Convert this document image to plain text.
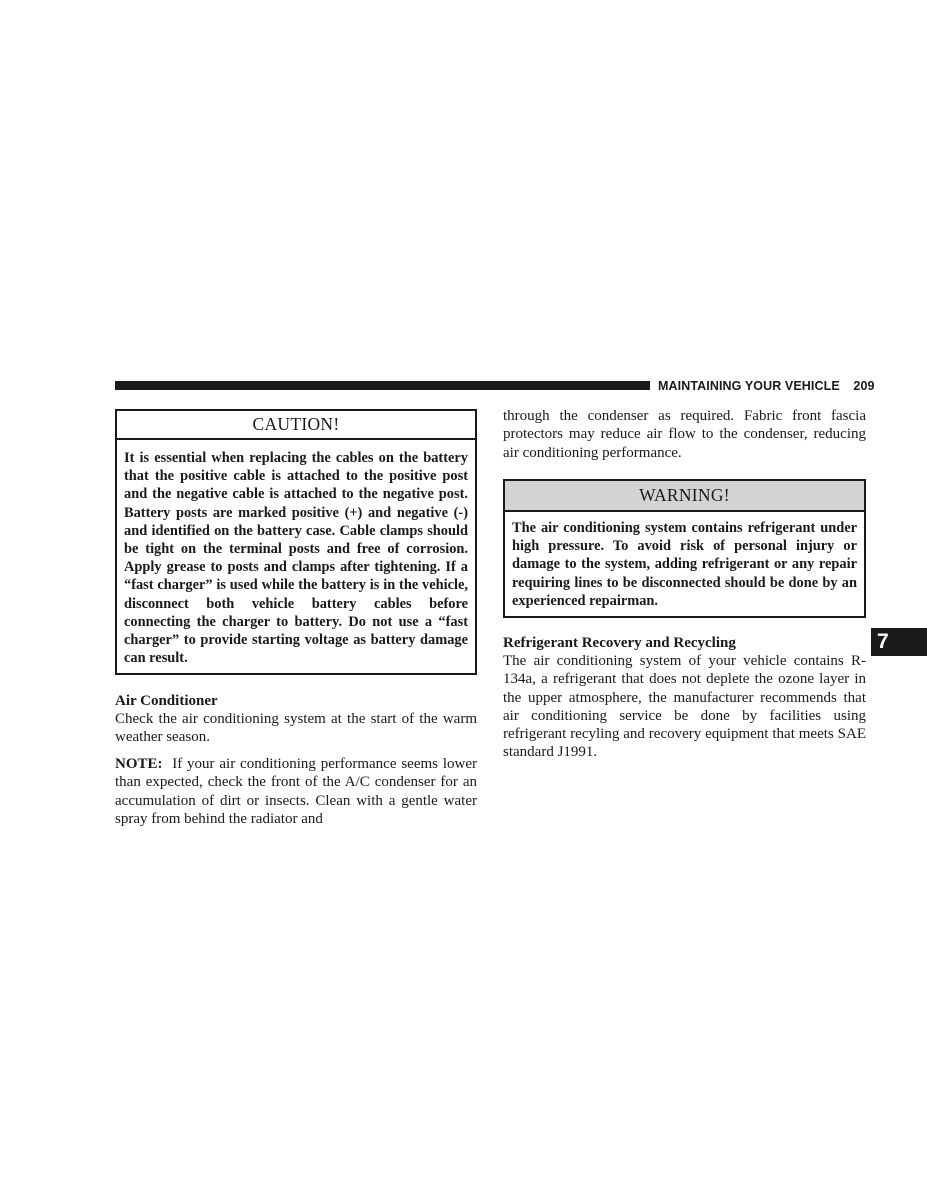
MAINTAINING YOUR VEHICLE 209
CAUTION!
It is essential when replacing the cables on the battery that the positive cable is attached to the positive post and the negative cable is attached to the negative post. Battery posts are marked positive (+) and negative (-) and identified on the battery case. Cable clamps should be tight on the terminal posts and free of corrosion. Apply grease to posts and clamps after tightening. If a “fast charger” is used while the battery is in the vehicle, disconnect both vehicle battery cables before connecting the charger to battery. Do not use a “fast charger” to provide starting voltage as battery damage can result.
Air Conditioner
Check the air conditioning system at the start of the warm weather season.
NOTE: If your air conditioning performance seems lower than expected, check the front of the A/C condenser for an accumulation of dirt or insects. Clean with a gentle water spray from behind the radiator and
through the condenser as required. Fabric front fascia protectors may reduce air flow to the condenser, reducing air conditioning performance.
WARNING!
The air conditioning system contains refrigerant under high pressure. To avoid risk of personal injury or damage to the system, adding refrigerant or any repair requiring lines to be disconnected should be done by an experienced repairman.
Refrigerant Recovery and Recycling
The air conditioning system of your vehicle contains R-134a, a refrigerant that does not deplete the ozone layer in the upper atmosphere, the manufacturer recommends that air conditioning service be done by facilities using refrigerant recyling and recovery equipment that meets SAE standard J1991.
7
